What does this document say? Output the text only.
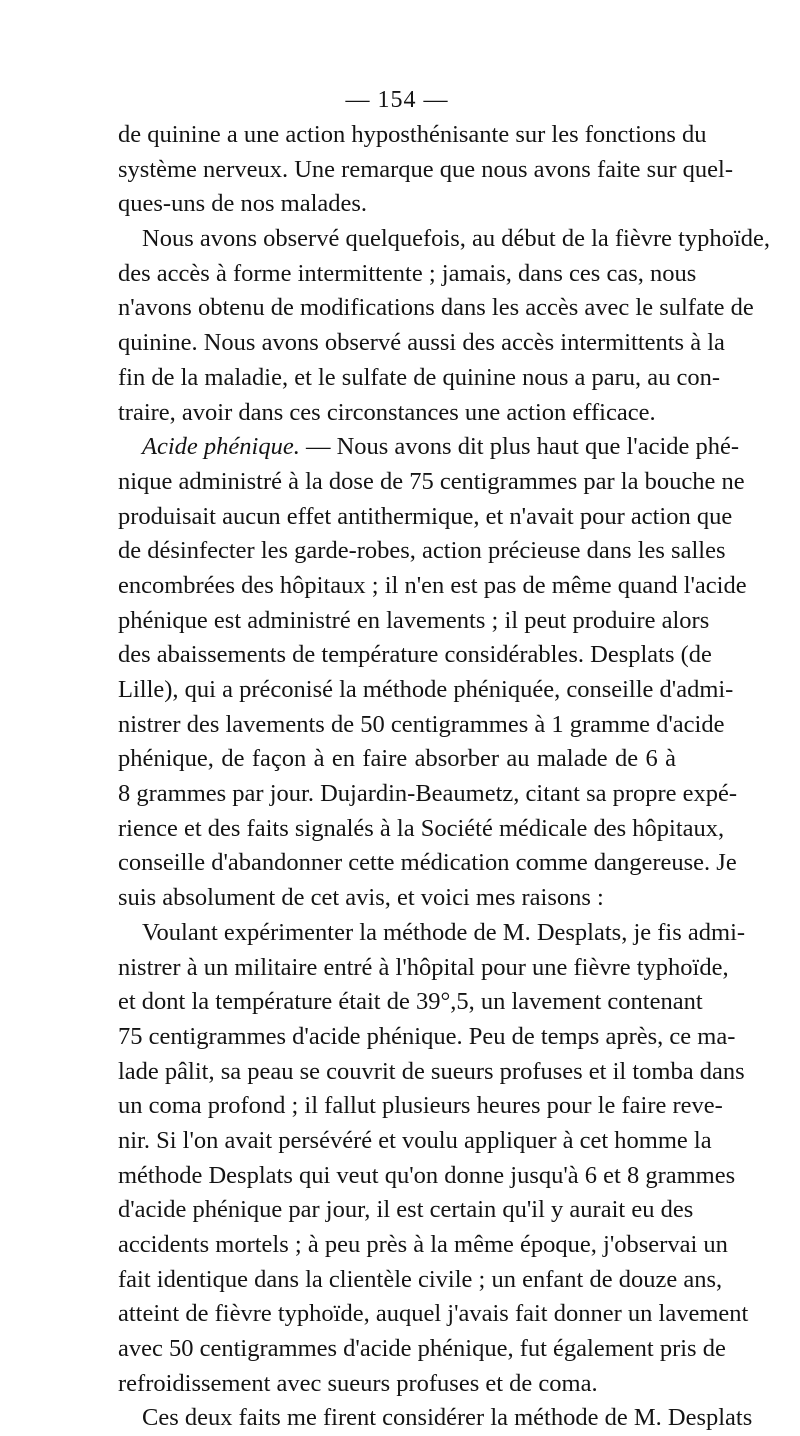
— 154 —
de quinine a une action hyposthénisante sur les fonctions du
système nerveux. Une remarque que nous avons faite sur quel-
ques-uns de nos malades.
Nous avons observé quelquefois, au début de la fièvre typhoïde,
des accès à forme intermittente ; jamais, dans ces cas, nous
n'avons obtenu de modifications dans les accès avec le sulfate de
quinine. Nous avons observé aussi des accès intermittents à la
fin de la maladie, et le sulfate de quinine nous a paru, au con-
traire, avoir dans ces circonstances une action efficace.
Acide phénique. — Nous avons dit plus haut que l'acide phé-
nique administré à la dose de 75 centigrammes par la bouche ne
produisait aucun effet antithermique, et n'avait pour action que
de désinfecter les garde-robes, action précieuse dans les salles
encombrées des hôpitaux ; il n'en est pas de même quand l'acide
phénique est administré en lavements ; il peut produire alors
des abaissements de température considérables. Desplats (de
Lille), qui a préconisé la méthode phéniquée, conseille d'admi-
nistrer des lavements de 50 centigrammes à 1 gramme d'acide
phénique, de façon à en faire absorber au malade de 6 à
8 grammes par jour. Dujardin-Beaumetz, citant sa propre expé-
rience et des faits signalés à la Société médicale des hôpitaux,
conseille d'abandonner cette médication comme dangereuse. Je
suis absolument de cet avis, et voici mes raisons :
Voulant expérimenter la méthode de M. Desplats, je fis admi-
nistrer à un militaire entré à l'hôpital pour une fièvre typhoïde,
et dont la température était de 39°,5, un lavement contenant
75 centigrammes d'acide phénique. Peu de temps après, ce ma-
lade pâlit, sa peau se couvrit de sueurs profuses et il tomba dans
un coma profond ; il fallut plusieurs heures pour le faire reve-
nir. Si l'on avait persévéré et voulu appliquer à cet homme la
méthode Desplats qui veut qu'on donne jusqu'à 6 et 8 grammes
d'acide phénique par jour, il est certain qu'il y aurait eu des
accidents mortels ; à peu près à la même époque, j'observai un
fait identique dans la clientèle civile ; un enfant de douze ans,
atteint de fièvre typhoïde, auquel j'avais fait donner un lavement
avec 50 centigrammes d'acide phénique, fut également pris de
refroidissement avec sueurs profuses et de coma.
Ces deux faits me firent considérer la méthode de M. Desplats
